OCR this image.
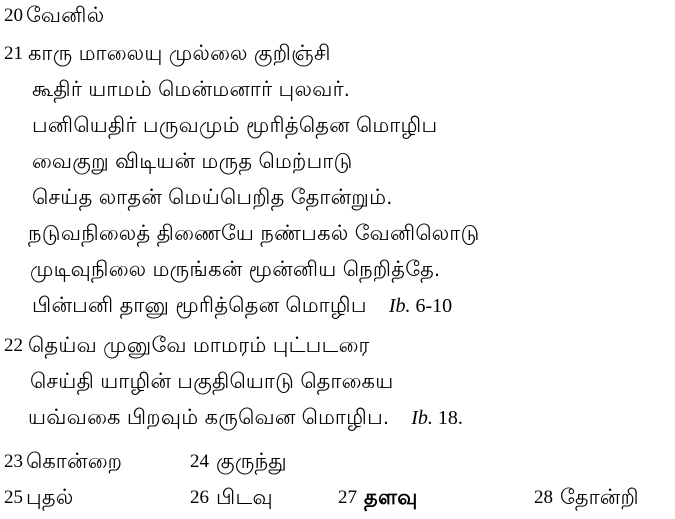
20 வேனில்
21 காரு மாலையு முல்லை குறிஞ்சி
கூதிர் யாமம் மென்மனார் புலவர்.
பனியெதிர் பருவமும் மூரித்தென மொழிப
வைகுறு விடியன் மருத மெற்பாடு
செய்த லாதன் மெய்பெறித தோன்றும்.
நடுவநிலைத் திணையே நண்பகல் வேனிலொடு
முடிவுநிலை மருங்கன் மூன்னிய நெறித்தே.
பின்பனி தானு மூரித்தென மொழிப Ib. 6-10
22 தெய்வ முனுவே மாமரம் புட்படரை
செய்தி யாழின் பகுதியொடு தொகைய
யவ்வகை பிறவும் கருவென மொழிப. Ib. 18.
23 கொன்றை	24 குருந்து
25 புதல்	26 பிடவு	27 தளவு	28 தோன்றி
